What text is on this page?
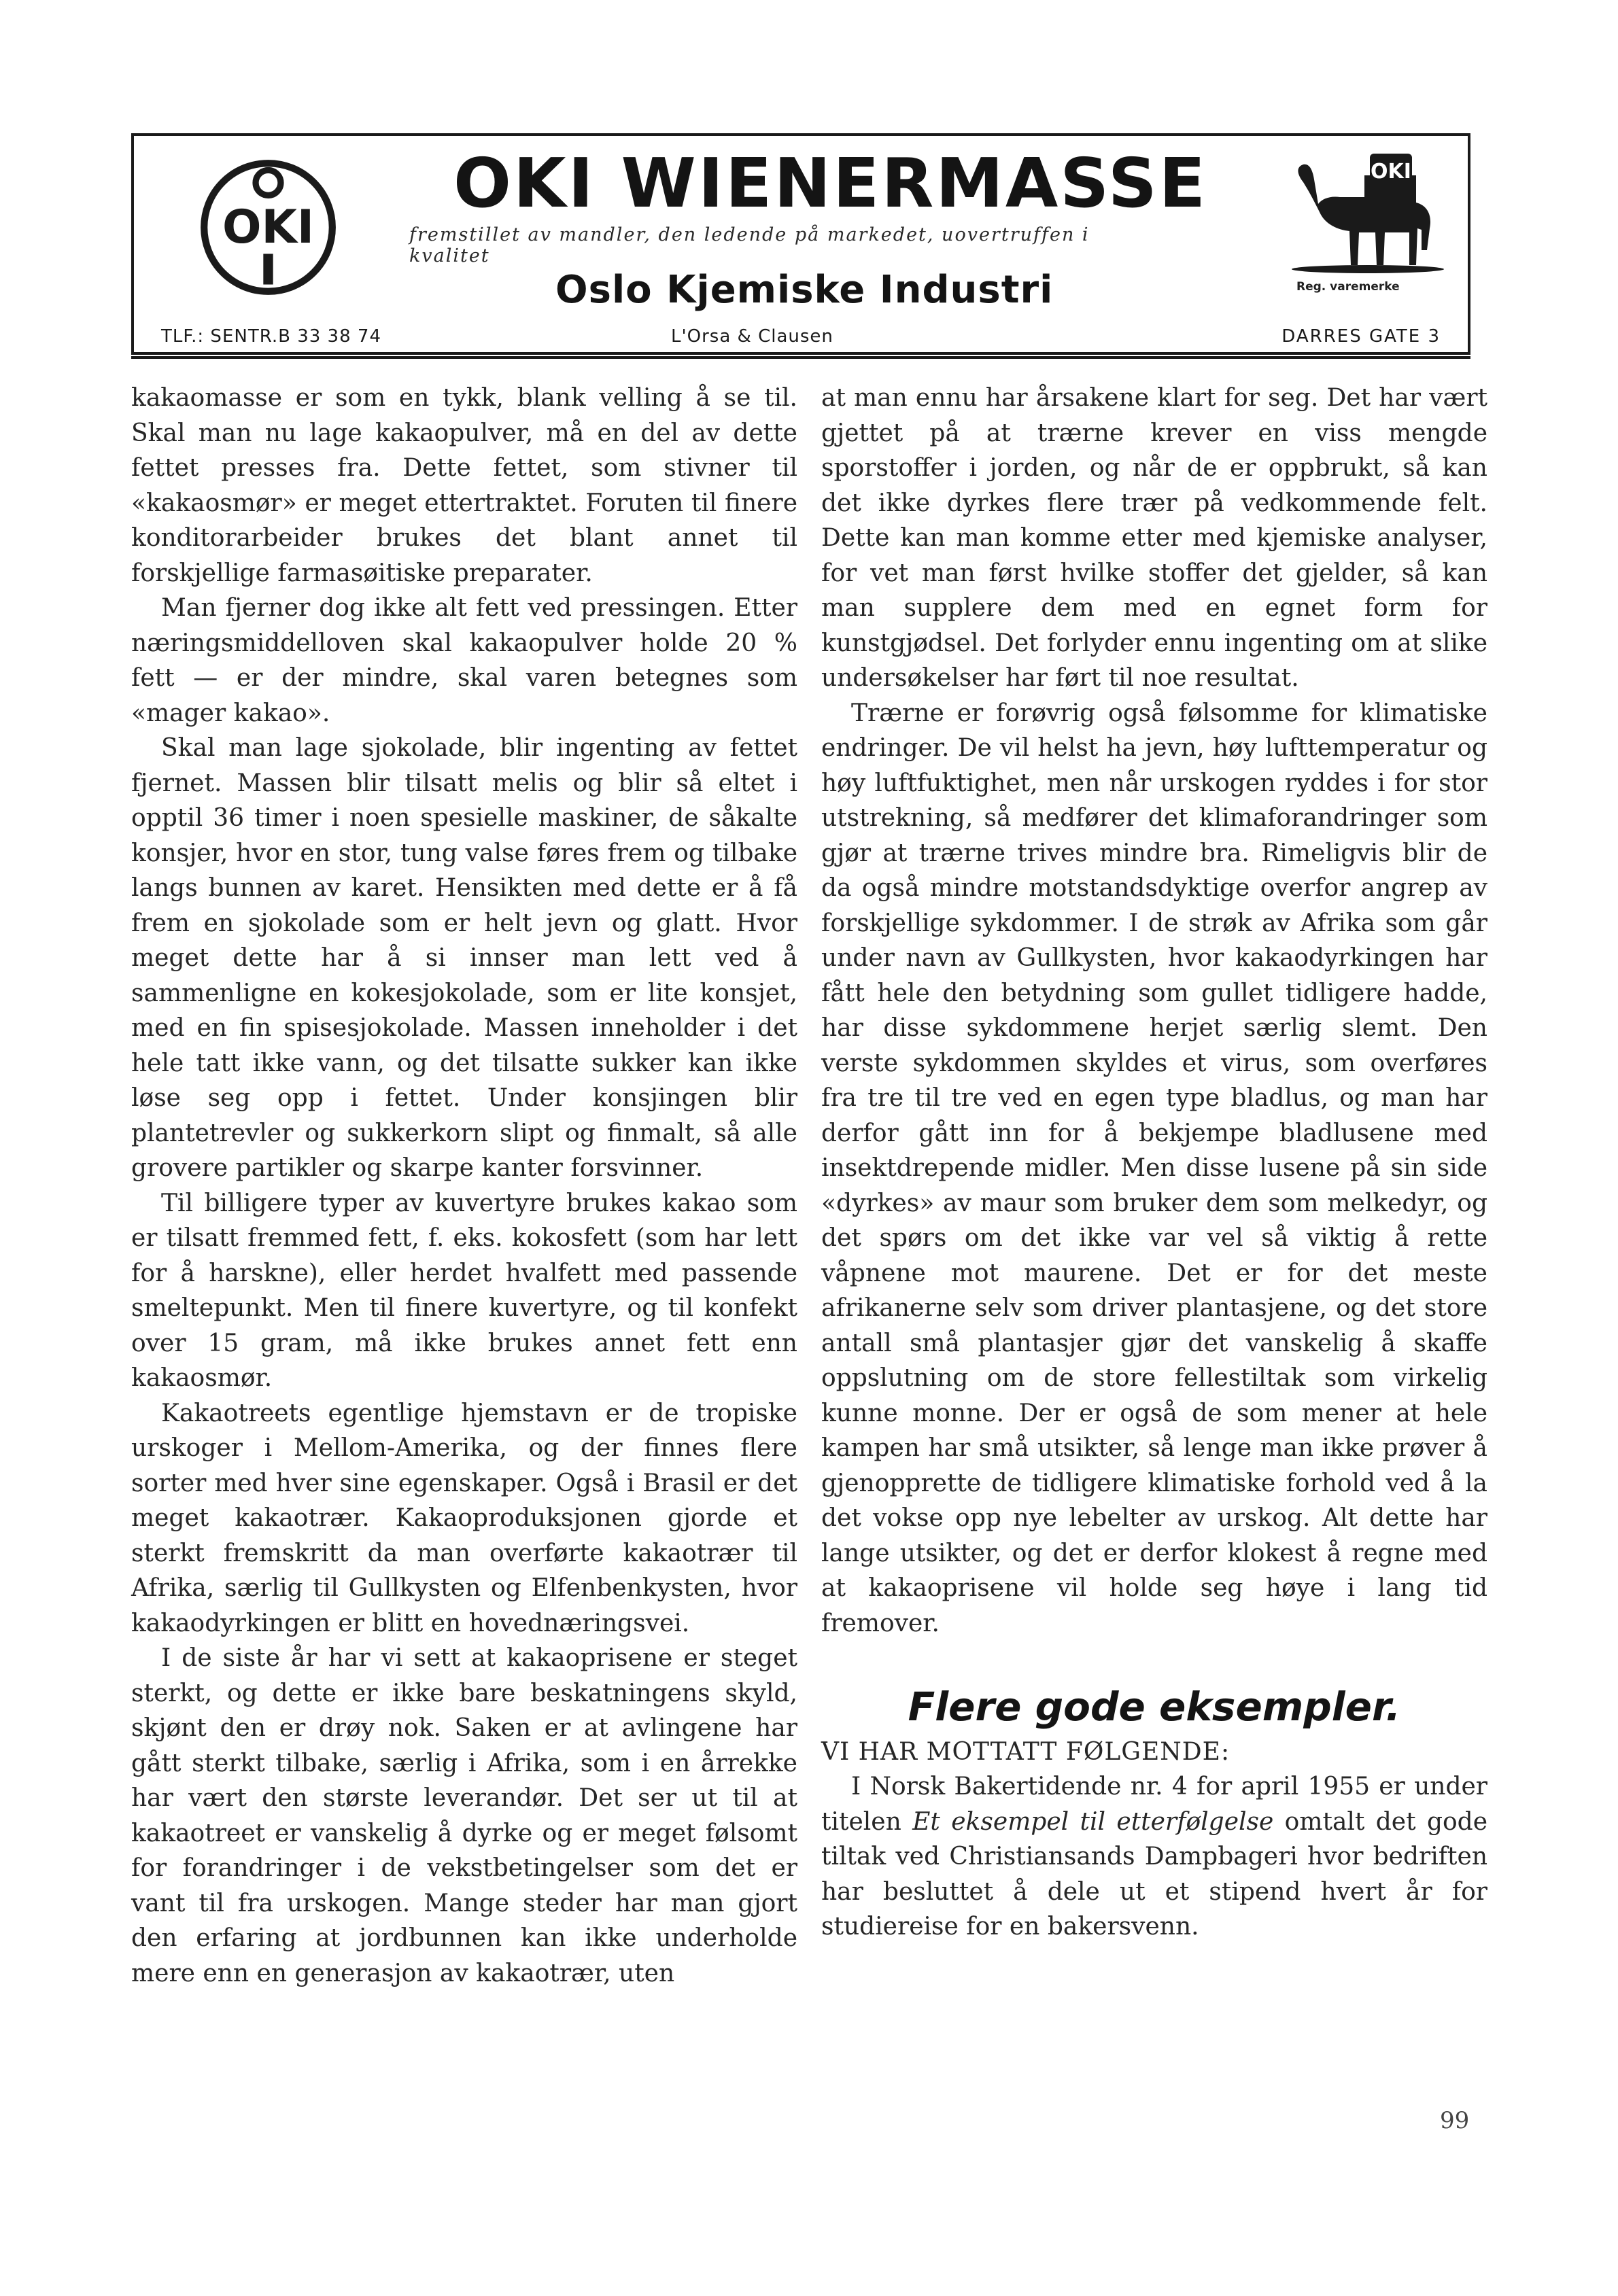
OKI
OKI WIENERMASSE
fremstillet av mandler, den ledende på markedet, uovertruffen i kvalitet
Oslo Kjemiske Industri
TLF.: SENTR.B 33 38 74	L'Orsa & Clausen	DARRES GATE 3
OKI
Reg. varemerke

kakaomasse er som en tykk, blank velling å se til. Skal man nu lage kakaopulver, må en del av dette fettet presses fra. Dette fettet, som stivner til «kakaosmør» er meget ettertraktet. Foruten til finere konditorarbeider brukes det blant annet til forskjellige farmasøitiske preparater.

Man fjerner dog ikke alt fett ved pressingen. Etter næringsmiddelloven skal kakaopulver holde 20 % fett — er der mindre, skal varen betegnes som «mager kakao».

Skal man lage sjokolade, blir ingenting av fettet fjernet. Massen blir tilsatt melis og blir så eltet i opptil 36 timer i noen spesielle maskiner, de såkalte konsjer, hvor en stor, tung valse føres frem og tilbake langs bunnen av karet. Hensikten med dette er å få frem en sjokolade som er helt jevn og glatt. Hvor meget dette har å si innser man lett ved å sammenligne en kokesjokolade, som er lite konsjet, med en fin spisesjokolade. Massen inneholder i det hele tatt ikke vann, og det tilsatte sukker kan ikke løse seg opp i fettet. Under konsjingen blir plantetrevler og sukkerkorn slipt og finmalt, så alle grovere partikler og skarpe kanter forsvinner.

Til billigere typer av kuvertyre brukes kakao som er tilsatt fremmed fett, f. eks. kokosfett (som har lett for å harskne), eller herdet hvalfett med passende smeltepunkt. Men til finere kuvertyre, og til konfekt over 15 gram, må ikke brukes annet fett enn kakaosmør.

Kakaotreets egentlige hjemstavn er de tropiske urskoger i Mellom-Amerika, og der finnes flere sorter med hver sine egenskaper. Også i Brasil er det meget kakaotrær. Kakaoproduksjonen gjorde et sterkt fremskritt da man overførte kakaotrær til Afrika, særlig til Gullkysten og Elfenbenkysten, hvor kakaodyrkingen er blitt en hovednæringsvei.

I de siste år har vi sett at kakaoprisene er steget sterkt, og dette er ikke bare beskatningens skyld, skjønt den er drøy nok. Saken er at avlingene har gått sterkt tilbake, særlig i Afrika, som i en årrekke har vært den største leverandør. Det ser ut til at kakaotreet er vanskelig å dyrke og er meget følsomt for forandringer i de vekstbetingelser som det er vant til fra urskogen. Mange steder har man gjort den erfaring at jordbunnen kan ikke underholde mere enn en generasjon av kakaotrær, uten

at man ennu har årsakene klart for seg. Det har vært gjettet på at trærne krever en viss mengde sporstoffer i jorden, og når de er oppbrukt, så kan det ikke dyrkes flere trær på vedkommende felt. Dette kan man komme etter med kjemiske analyser, for vet man først hvilke stoffer det gjelder, så kan man supplere dem med en egnet form for kunstgjødsel. Det forlyder ennu ingenting om at slike undersøkelser har ført til noe resultat.

Trærne er forøvrig også følsomme for klimatiske endringer. De vil helst ha jevn, høy lufttemperatur og høy luftfuktighet, men når urskogen ryddes i for stor utstrekning, så medfører det klimaforandringer som gjør at trærne trives mindre bra. Rimeligvis blir de da også mindre motstandsdyktige overfor angrep av forskjellige sykdommer. I de strøk av Afrika som går under navn av Gullkysten, hvor kakaodyrkingen har fått hele den betydning som gullet tidligere hadde, har disse sykdommene herjet særlig slemt. Den verste sykdommen skyldes et virus, som overføres fra tre til tre ved en egen type bladlus, og man har derfor gått inn for å bekjempe bladlusene med insektdrepende midler. Men disse lusene på sin side «dyrkes» av maur som bruker dem som melkedyr, og det spørs om det ikke var vel så viktig å rette våpnene mot maurene. Det er for det meste afrikanerne selv som driver plantasjene, og det store antall små plantasjer gjør det vanskelig å skaffe oppslutning om de store fellestiltak som virkelig kunne monne. Der er også de som mener at hele kampen har små utsikter, så lenge man ikke prøver å gjenopprette de tidligere klimatiske forhold ved å la det vokse opp nye lebelter av urskog. Alt dette har lange utsikter, og det er derfor klokest å regne med at kakaoprisene vil holde seg høye i lang tid fremover.

Flere gode eksempler.
VI HAR MOTTATT FØLGENDE:

I Norsk Bakertidende nr. 4 for april 1955 er under titelen Et eksempel til etterfølgelse omtalt det gode tiltak ved Christiansands Dampbageri hvor bedriften har besluttet å dele ut et stipend hvert år for studiereise for en bakersvenn.

99
